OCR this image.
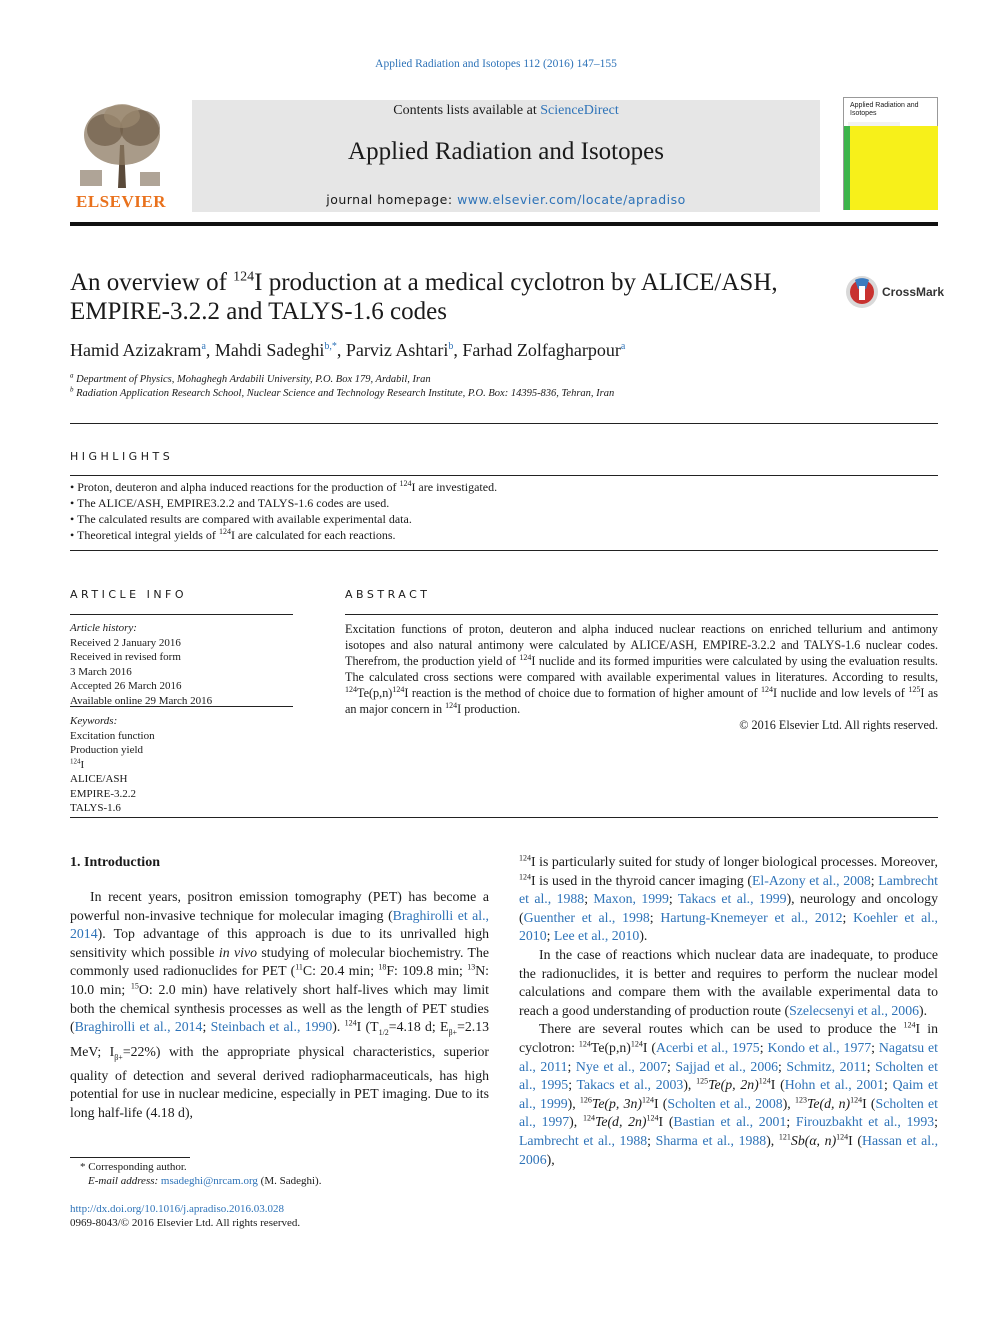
Applied Radiation and Isotopes 112 (2016) 147–155
ELSEVIER
Contents lists available at ScienceDirect
Applied Radiation and Isotopes
journal homepage: www.elsevier.com/locate/apradiso
Applied Radiation and
Isotopes
An overview of $^{124}$I production at a medical cyclotron by ALICE/ASH,
EMPIRE-3.2.2 and TALYS-1.6 codes
CrossMark
Hamid Azizakram$^a$, Mahdi Sadeghi$^{b,*}$, Parviz Ashtari$^b$, Farhad Zolfagharpour$^a$
$^a$ Department of Physics, Mohaghegh Ardabili University, P.O. Box 179, Ardabil, Iran
$^b$ Radiation Application Research School, Nuclear Science and Technology Research Institute, P.O. Box: 14395-836, Tehran, Iran
HIGHLIGHTS
• Proton, deuteron and alpha induced reactions for the production of $^{124}$I are investigated.
• The ALICE/ASH, EMPIRE3.2.2 and TALYS-1.6 codes are used.
• The calculated results are compared with available experimental data.
• Theoretical integral yields of $^{124}$I are calculated for each reactions.
ARTICLE INFO
Article history:
Received 2 January 2016
Received in revised form
3 March 2016
Accepted 26 March 2016
Available online 29 March 2016
Keywords:
Excitation function
Production yield
$^{124}$I
ALICE/ASH
EMPIRE-3.2.2
TALYS-1.6
ABSTRACT
Excitation functions of proton, deuteron and alpha induced nuclear reactions on enriched tellurium and antimony isotopes and also natural antimony were calculated by ALICE/ASH, EMPIRE-3.2.2 and TALYS-1.6 nuclear codes. Therefrom, the production yield of $^{124}$I nuclide and its formed impurities were calculated by using the evaluation results. The calculated cross sections were compared with available experimental values in literatures. According to results, $^{124}Te(p,n)^{124}I$ reaction is the method of choice due to formation of higher amount of $^{124}$I nuclide and low levels of $^{125}$I as an major concern in $^{124}$I production.
© 2016 Elsevier Ltd. All rights reserved.
1. Introduction

In recent years, positron emission tomography (PET) has become a powerful non-invasive technique for molecular imaging (Braghirolli et al., 2014). Top advantage of this approach is due to its unrivalled high sensitivity which possible in vivo studying of molecular biochemistry. The commonly used radionuclides for PET ($^{11}$C: 20.4 min; $^{18}$F: 109.8 min; $^{13}$N: 10.0 min; $^{15}$O: 2.0 min) have relatively short half-lives which may limit both the chemical synthesis processes as well as the length of PET studies (Braghirolli et al., 2014; Steinbach et al., 1990). $^{124}$I ($T_{1/2}=4.18$ d; $E_{\beta+}=2.13$ MeV; $I_{\beta+}=22\%$) with the appropriate physical characteristics, superior quality of detection and several derived radiopharmaceuticals, has high potential for use in nuclear medicine, especially in PET imaging. Due to its long half-life (4.18 d),

$^{124}$I is particularly suited for study of longer biological processes. Moreover, $^{124}$I is used in the thyroid cancer imaging (El-Azony et al., 2008; Lambrecht et al., 1988; Maxon, 1999; Takacs et al., 1999), neurology and oncology (Guenther et al., 1998; Hartung-Knemeyer et al., 2012; Koehler et al., 2010; Lee et al., 2010).

In the case of reactions which nuclear data are inadequate, to produce the radionuclides, it is better and requires to perform the nuclear model calculations and compare them with the available experimental data to reach a good understanding of production route (Szelecsenyi et al., 2006).

There are several routes which can be used to produce the $^{124}$I in cyclotron: $^{124}Te(p,n)^{124}I$ (Acerbi et al., 1975; Kondo et al., 1977; Nagatsu et al., 2011; Nye et al., 2007; Sajjad et al., 2006; Schmitz, 2011; Scholten et al., 1995; Takacs et al., 2003), $^{125}$Te(p, 2n)$^{124}$I (Hohn et al., 2001; Qaim et al., 1999), $^{126}$Te(p, 3n)$^{124}$I (Scholten et al., 2008), $^{123}$Te(d, n)$^{124}$I (Scholten et al., 1997), $^{124}$Te(d, 2n)$^{124}$I (Bastian et al., 2001; Firouzbakht et al., 1993; Lambrecht et al., 1988; Sharma et al., 1988), $^{121}$Sb(α, n)$^{124}$I (Hassan et al., 2006),

* Corresponding author.
E-mail address: msadeghi@nrcam.org (M. Sadeghi).
http://dx.doi.org/10.1016/j.apradiso.2016.03.028
0969-8043/© 2016 Elsevier Ltd. All rights reserved.
